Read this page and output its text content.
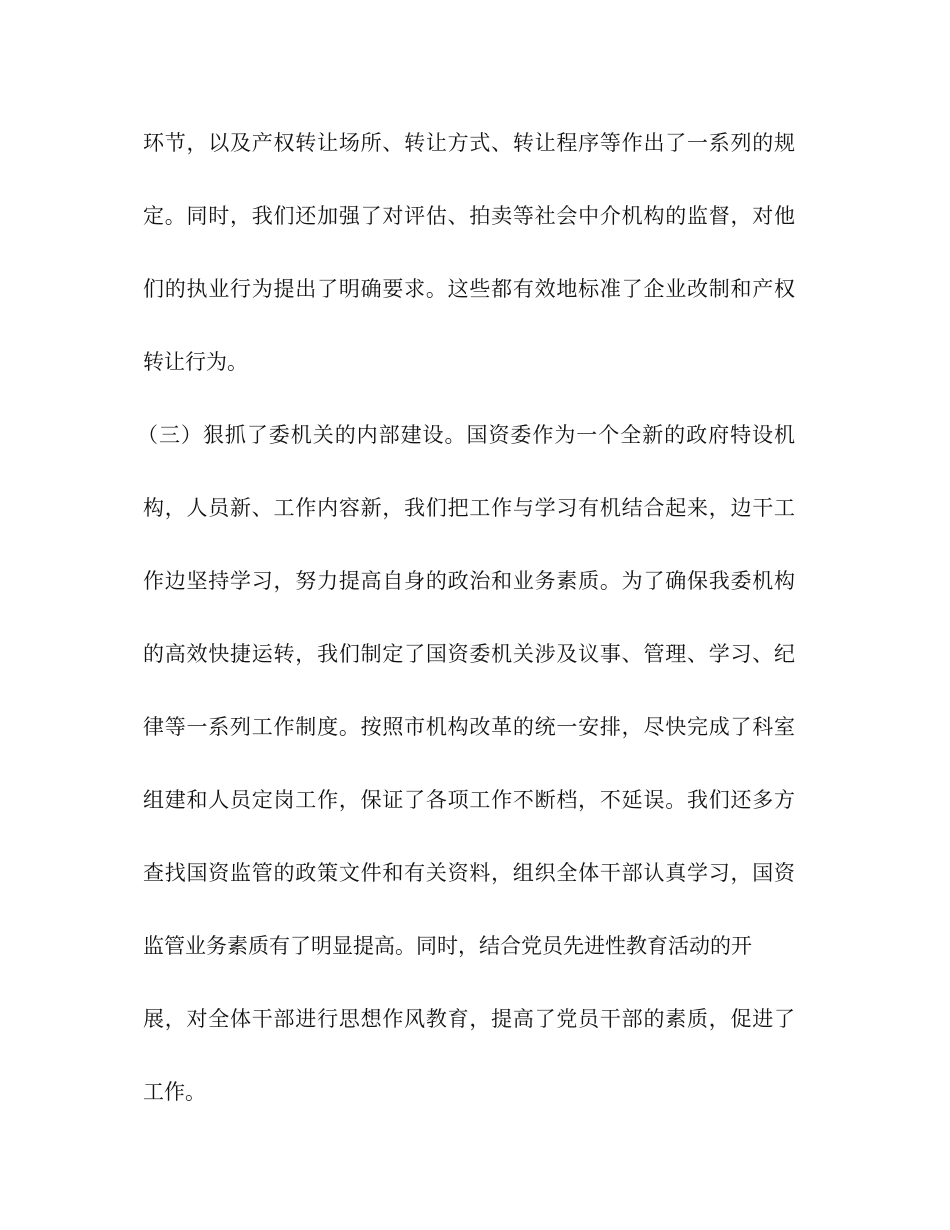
环节，以及产权转让场所、转让方式、转让程序等作出了一系列的规

定。同时，我们还加强了对评估、拍卖等社会中介机构的监督，对他

们的执业行为提出了明确要求。这些都有效地标准了企业改制和产权

转让行为。

（三）狠抓了委机关的内部建设。国资委作为一个全新的政府特设机

构，人员新、工作内容新，我们把工作与学习有机结合起来，边干工

作边坚持学习，努力提高自身的政治和业务素质。为了确保我委机构

的高效快捷运转，我们制定了国资委机关涉及议事、管理、学习、纪

律等一系列工作制度。按照市机构改革的统一安排，尽快完成了科室

组建和人员定岗工作，保证了各项工作不断档，不延误。我们还多方

查找国资监管的政策文件和有关资料，组织全体干部认真学习，国资

监管业务素质有了明显提高。同时，结合党员先进性教育活动的开

展，对全体干部进行思想作风教育，提高了党员干部的素质，促进了

工作。
